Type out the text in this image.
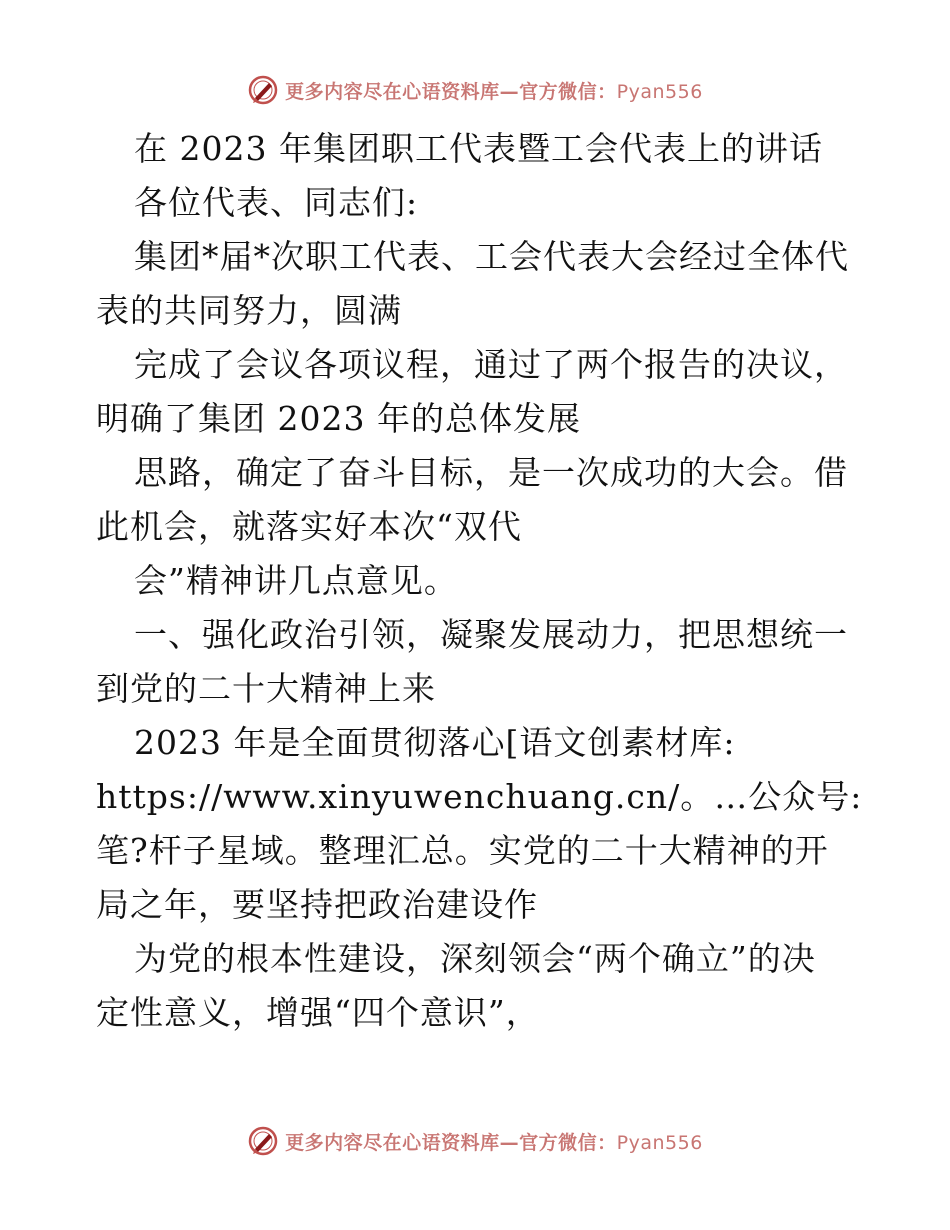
更多内容尽在心语资料库—官方微信：Pyan556
在 2023 年集团职工代表暨工会代表上的讲话
各位代表、同志们:
集团*届*次职工代表、工会代表大会经过全体代
表的共同努力，圆满
完成了会议各项议程，通过了两个报告的决议，
明确了集团 2023 年的总体发展
思路，确定了奋斗目标，是一次成功的大会。借
此机会，就落实好本次“双代
会”精神讲几点意见。
一、强化政治引领，凝聚发展动力，把思想统一
到党的二十大精神上来
2023 年是全面贯彻落心[语文创素材库:
https://www.xinyuwenchuang.cn/。…公众号:
笔?杆子星域。整理汇总。实党的二十大精神的开
局之年，要坚持把政治建设作
为党的根本性建设，深刻领会“两个确立”的决
定性意义，增强“四个意识”，
更多内容尽在心语资料库—官方微信：Pyan556
